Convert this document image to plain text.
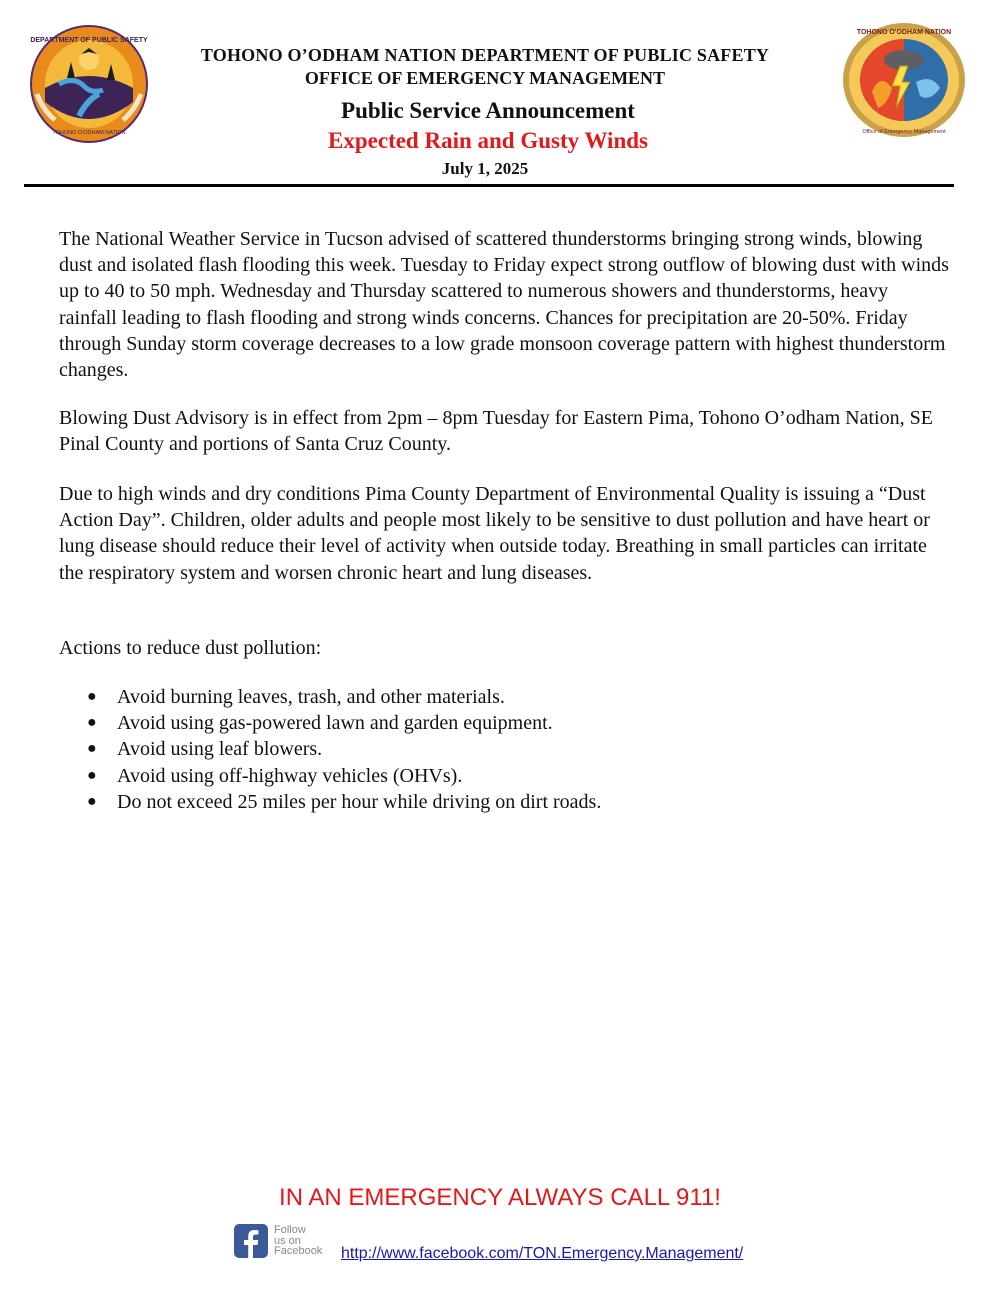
DEPARTMENT OF PUBLIC SAFETY
TOHONO O'ODHAM NATION
TOHONO O'ODHAM NATION
Office of Emergency Management
TOHONO O’ODHAM NATION DEPARTMENT OF PUBLIC SAFETY
OFFICE OF EMERGENCY MANAGEMENT
Public Service Announcement
Expected Rain and Gusty Winds
July 1, 2025

The National Weather Service in Tucson advised of scattered thunderstorms bringing strong winds, blowing dust and isolated flash flooding this week. Tuesday to Friday expect strong outflow of blowing dust with winds up to 40 to 50 mph. Wednesday and Thursday scattered to numerous showers and thunderstorms, heavy rainfall leading to flash flooding and strong winds concerns. Chances for precipitation are 20-50%. Friday through Sunday storm coverage decreases to a low grade monsoon coverage pattern with highest thunderstorm changes.

Blowing Dust Advisory is in effect from 2pm – 8pm Tuesday for Eastern Pima, Tohono O’odham Nation, SE Pinal County and portions of Santa Cruz County.

Due to high winds and dry conditions Pima County Department of Environmental Quality is issuing a “Dust Action Day”. Children, older adults and people most likely to be sensitive to dust pollution and have heart or lung disease should reduce their level of activity when outside today. Breathing in small particles can irritate the respiratory system and worsen chronic heart and lung diseases.

Actions to reduce dust pollution:

● Avoid burning leaves, trash, and other materials.
● Avoid using gas-powered lawn and garden equipment.
● Avoid using leaf blowers.
● Avoid using off-highway vehicles (OHVs).
● Do not exceed 25 miles per hour while driving on dirt roads.
IN AN EMERGENCY ALWAYS CALL 911!
Follow
us on
Facebook http://www.facebook.com/TON.Emergency.Management/
